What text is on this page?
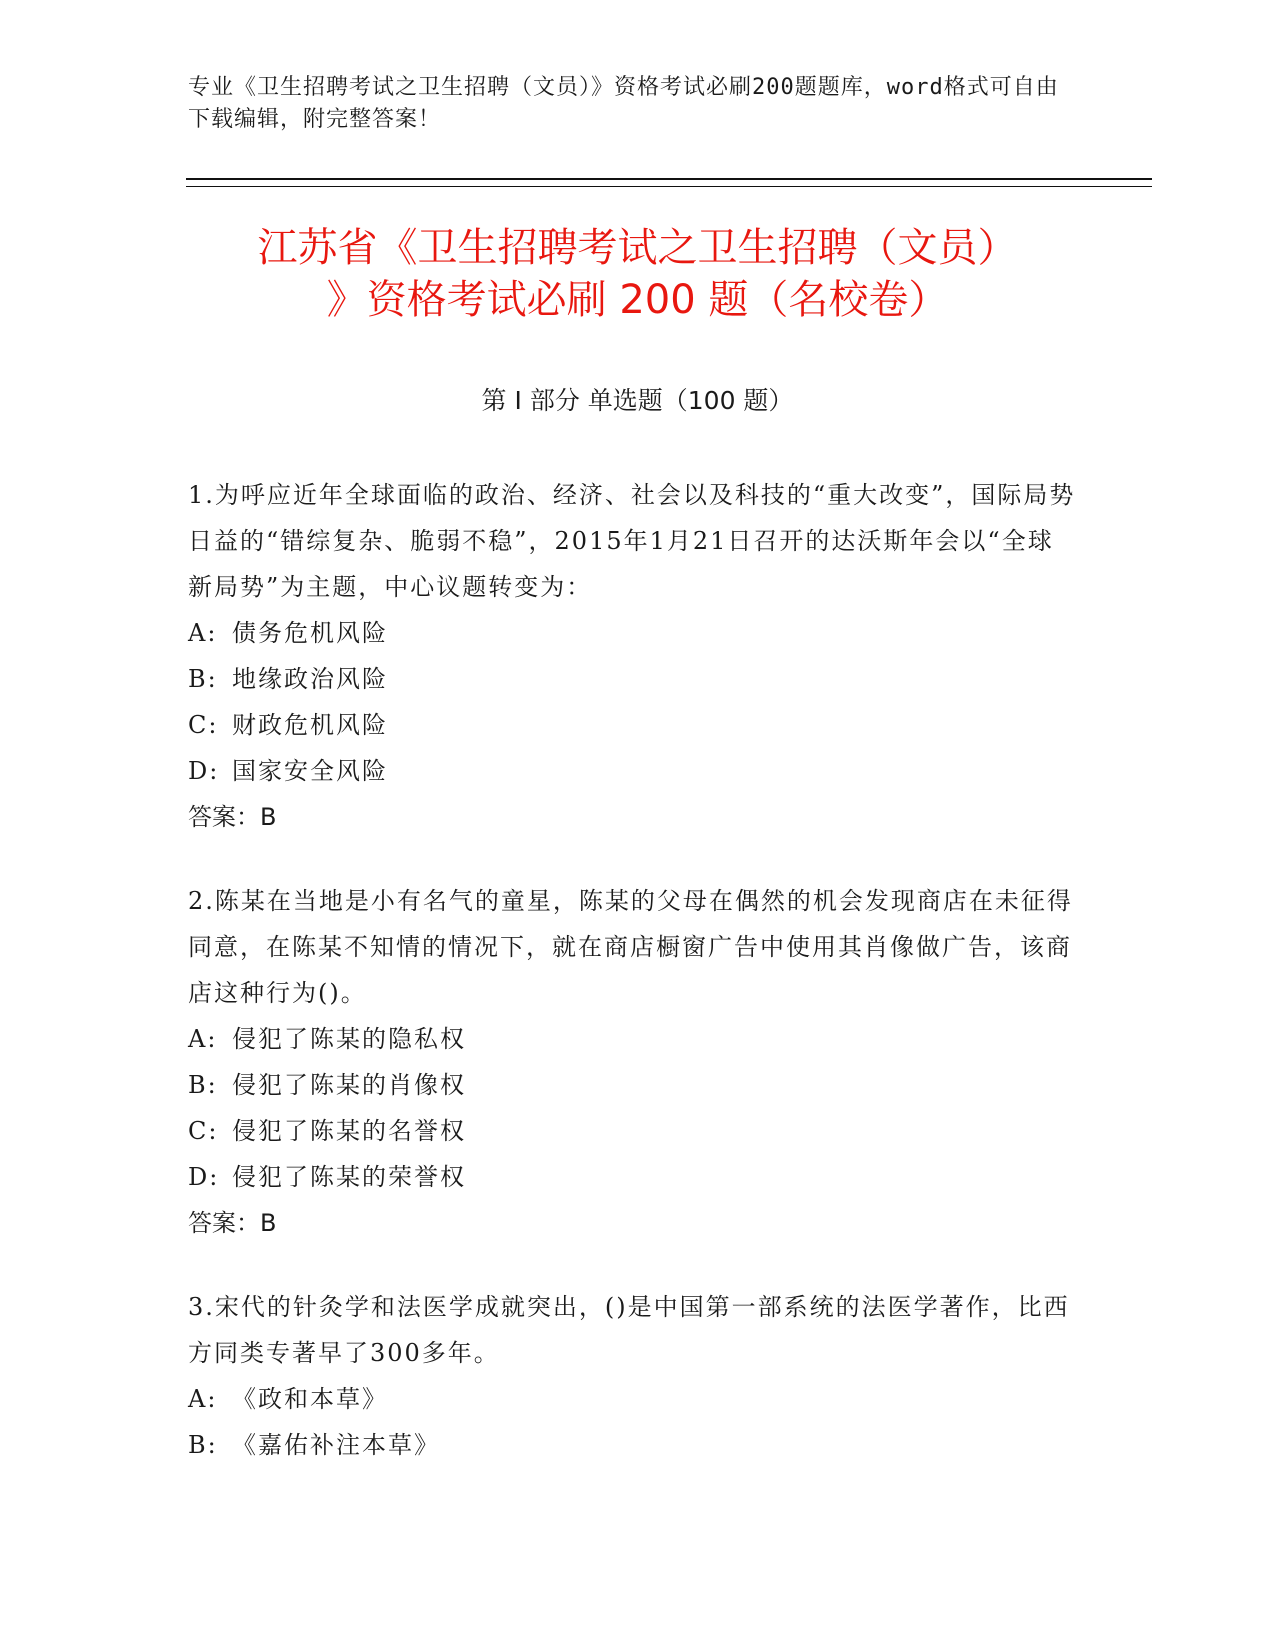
专业《卫生招聘考试之卫生招聘（文员）》资格考试必刷200题题库，word格式可自由下载编辑，附完整答案！
江苏省《卫生招聘考试之卫生招聘（文员）
》资格考试必刷 200 题（名校卷）
第 I 部分 单选题（100 题）
1.为呼应近年全球面临的政治、经济、社会以及科技的“重大改变”，国际局势日益的“错综复杂、脆弱不稳”，2015年1月21日召开的达沃斯年会以“全球新局势”为主题，中心议题转变为：
A: 债务危机风险
B: 地缘政治风险
C: 财政危机风险
D: 国家安全风险
答案：B
2.陈某在当地是小有名气的童星，陈某的父母在偶然的机会发现商店在未征得同意，在陈某不知情的情况下，就在商店橱窗广告中使用其肖像做广告，该商店这种行为()。
A: 侵犯了陈某的隐私权
B: 侵犯了陈某的肖像权
C: 侵犯了陈某的名誉权
D: 侵犯了陈某的荣誉权
答案：B
3.宋代的针灸学和法医学成就突出，()是中国第一部系统的法医学著作，比西方同类专著早了300多年。
A: 《政和本草》
B: 《嘉佑补注本草》
